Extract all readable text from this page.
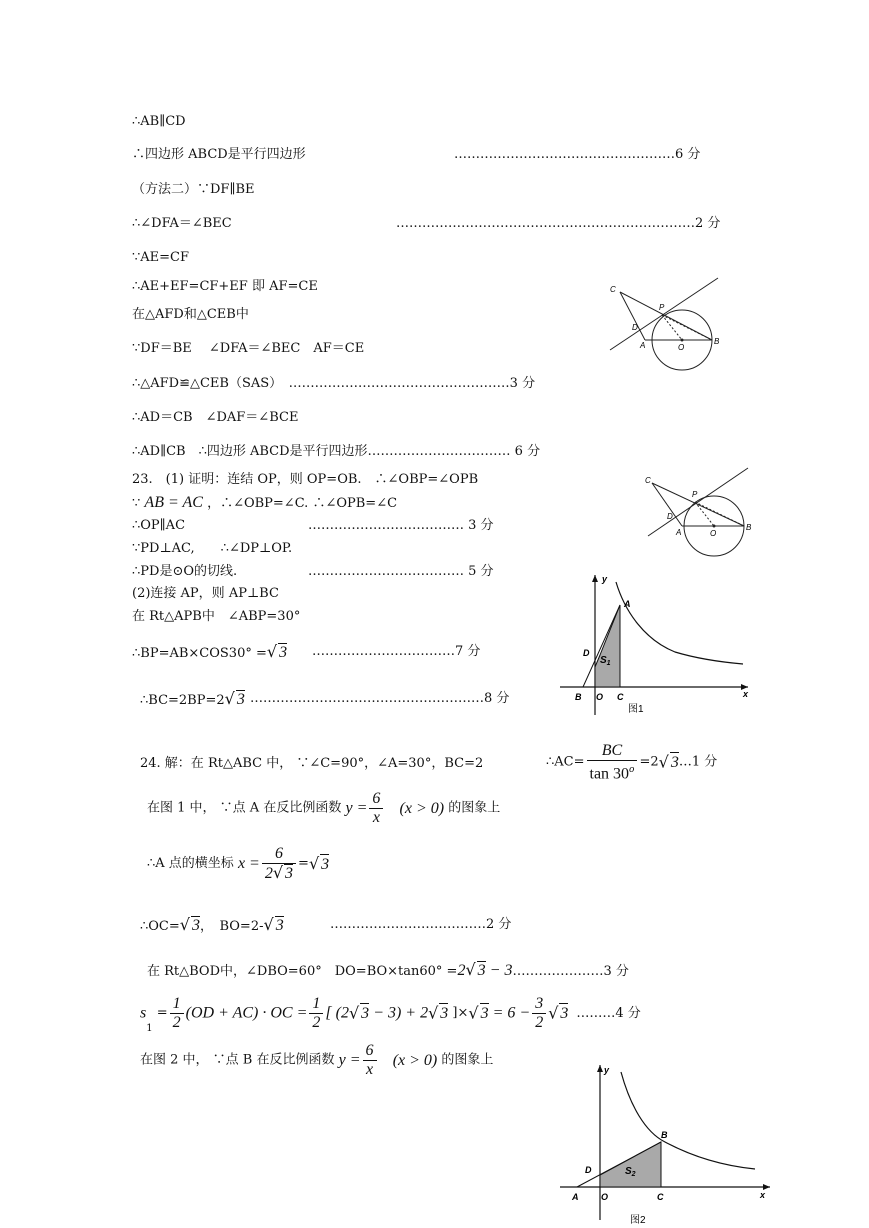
∴AB∥CD
∴四边形 ABCD是平行四边形	……………………………………………6 分
（方法二）∵DF∥BE
∴∠DFA＝∠BEC	……………………………………………………………2 分
∵AE=CF
∴AE+EF=CF+EF 即 AF=CE
在△AFD和△CEB中
∵DF＝BE　 ∠DFA＝∠BEC　AF＝CE
∴△AFD≌△CEB（SAS）　……………………………………………3 分
∴AD＝CB　∠DAF＝∠BCE
∴AD∥CB　∴四边形 ABCD是平行四边形…………………………… 6 分
23.　(1) 证明：连结 OP，则 OP=OB.　∴∠OBP=∠OPB
∵ AB = AC ，∴∠OBP=∠C. ∴∠OPB=∠C
∴OP∥AC	……………………………… 3 分
∵PD⊥AC,　　∴∠DP⊥OP.
∴PD是⊙O的切线.	……………………………… 5 分
(2)连接 AP，则 AP⊥BC
在 Rt△APB中　∠ABP=30°
∴BP=AB×COS30° =√ 3 ……………………………7 分
∴BC=2BP=2√ 3 ………………………………………………8 分
24. 解：在 Rt△ABC 中， ∵∠C=90°，∠A=30°，BC=2	∴AC= $\frac{BC}{\tan 30^o} =2√$ 3…1 分
在图 1 中， ∵点 A 在反比例函数 $y = \frac{6}{x} (x > 0)$ 的图象上
∴A 点的横坐标 $x = \frac{6}{2√ 3}$ =√ 3
∴OC=√ 3，　BO=2-√ 3	………………………………2 分
在 Rt△BOD中，∠DBO=60°　DO=BO×tan60° =2√ 3 − 3…………………3 分
$s_1 = \frac{1}{2} (OD + AC)$ · OC = $\frac{1}{2}$ [ (2√ 3 − 3) + 2√ 3 ]×√ $3 = 6 - \frac{3}{2}$ √ 3 ………4 分
在图 2 中， ∵点 B 在反比例函数 $y = \frac{6}{x} (x > 0)$ 的图象上
C
P
D
A	O
B
C
P
D
A	O
B
y
x
A
D
$S_1$
B O C
图1
y
x
B
D	$S_2$
A	O	C
图2
